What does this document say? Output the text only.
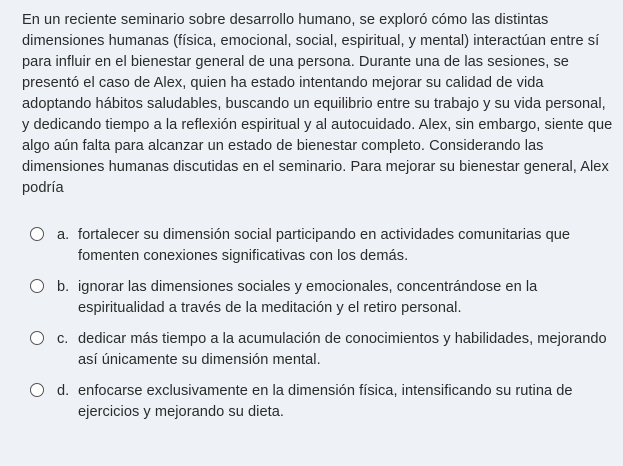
En un reciente seminario sobre desarrollo humano, se exploró cómo las distintas dimensiones humanas (física, emocional, social, espiritual, y mental) interactúan entre sí para influir en el bienestar general de una persona. Durante una de las sesiones, se presentó el caso de Alex, quien ha estado intentando mejorar su calidad de vida adoptando hábitos saludables, buscando un equilibrio entre su trabajo y su vida personal, y dedicando tiempo a la reflexión espiritual y al autocuidado. Alex, sin embargo, siente que algo aún falta para alcanzar un estado de bienestar completo. Considerando las dimensiones humanas discutidas en el seminario. Para mejorar su bienestar general, Alex podría
a. fortalecer su dimensión social participando en actividades comunitarias que fomenten conexiones significativas con los demás.
b. ignorar las dimensiones sociales y emocionales, concentrándose en la espiritualidad a través de la meditación y el retiro personal.
c. dedicar más tiempo a la acumulación de conocimientos y habilidades, mejorando así únicamente su dimensión mental.
d. enfocarse exclusivamente en la dimensión física, intensificando su rutina de ejercicios y mejorando su dieta.
